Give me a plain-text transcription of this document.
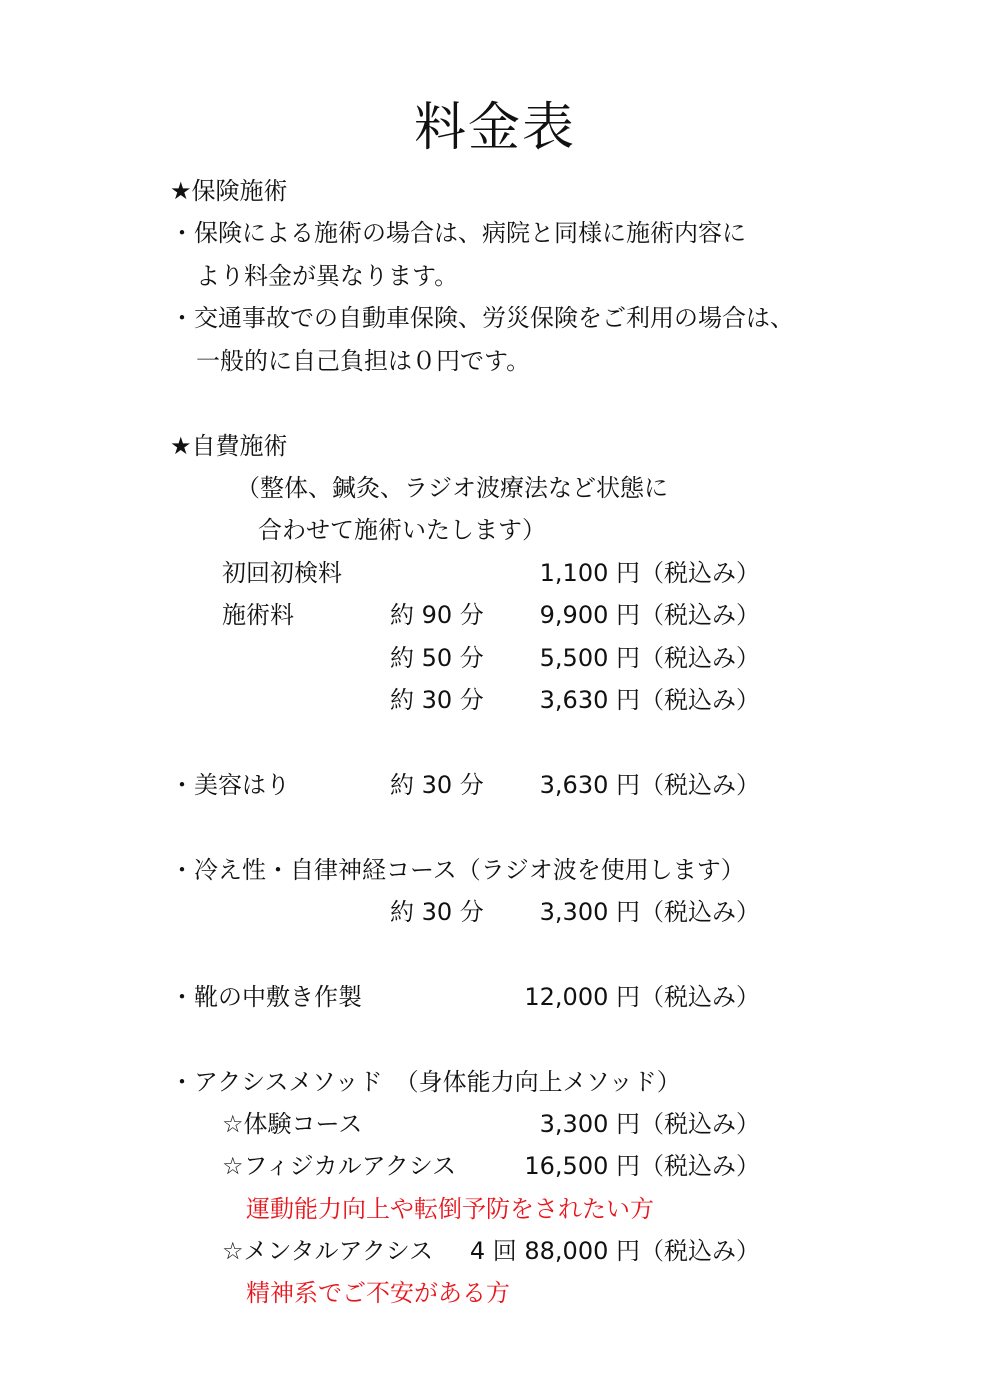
料金表
★保険施術
・保険による施術の場合は、病院と同様に施術内容に
より料金が異なります。
・交通事故での自動車保険、労災保険をご利用の場合は、
一般的に自己負担は０円です。
★自費施術
（整体、鍼灸、ラジオ波療法など状態に
合わせて施術いたします）
初回初検料	1,100 円（税込み）
施術料	約 90 分	9,900 円（税込み）
約 50 分	5,500 円（税込み）
約 30 分	3,630 円（税込み）
・美容はり	約 30 分	3,630 円（税込み）
・冷え性・自律神経コース（ラジオ波を使用します）
約 30 分	3,300 円（税込み）
・靴の中敷き作製	12,000 円（税込み）
・アクシスメソッド　（身体能力向上メソッド）
☆体験コース	3,300 円（税込み）
☆フィジカルアクシス	16,500 円（税込み）
運動能力向上や転倒予防をされたい方
☆メンタルアクシス	4 回 88,000 円（税込み）
精神系でご不安がある方
